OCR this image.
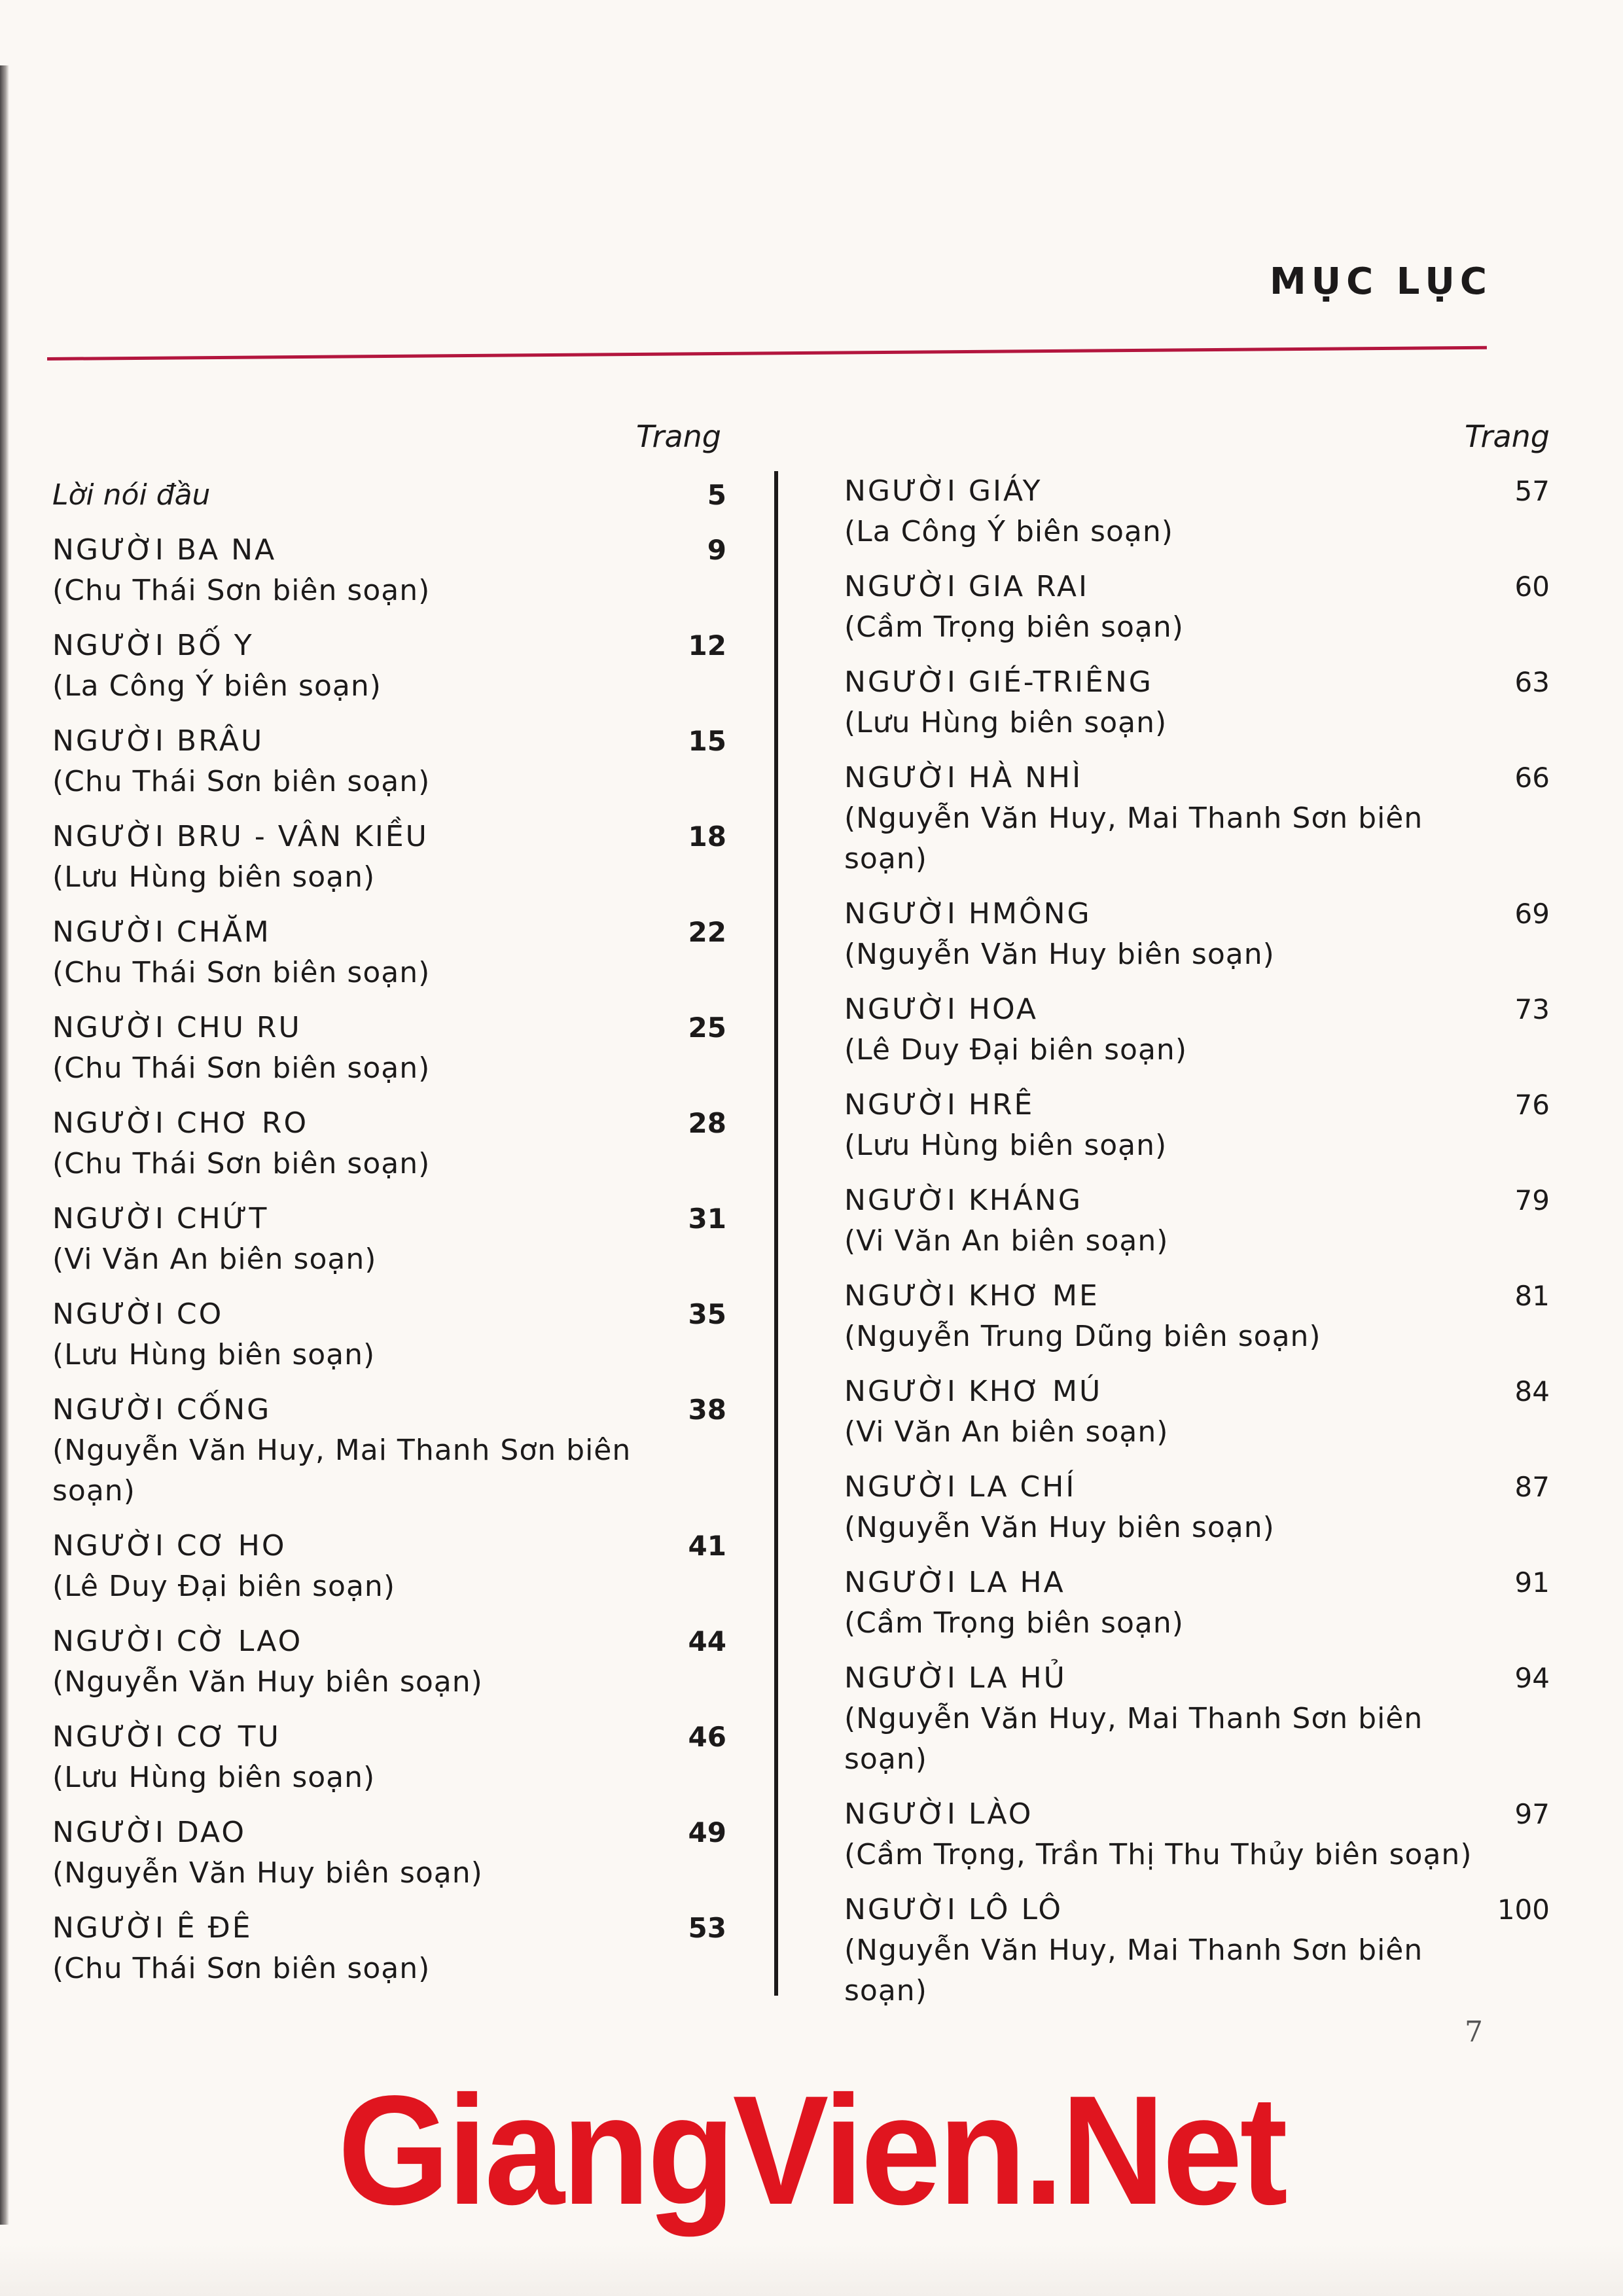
MỤC LỤC
Trang
Lời nói đầu	5
NGƯỜI BA NA
(Chu Thái Sơn biên soạn)
9
NGƯỜI BỐ Y
(La Công Ý biên soạn)
12
NGƯỜI BRÂU
(Chu Thái Sơn biên soạn)
15
NGƯỜI BRU - VÂN KIỀU
(Lưu Hùng biên soạn)
18
NGƯỜI CHĂM
(Chu Thái Sơn biên soạn)
22
NGƯỜI CHU RU
(Chu Thái Sơn biên soạn)
25
NGƯỜI CHƠ RO
(Chu Thái Sơn biên soạn)
28
NGƯỜI CHỨT
(Vi Văn An biên soạn)
31
NGƯỜI CO
(Lưu Hùng biên soạn)
35
NGƯỜI CỐNG
(Nguyễn Văn Huy, Mai Thanh Sơn biên soạn)
38
NGƯỜI CƠ HO
(Lê Duy Đại biên soạn)
41
NGƯỜI CỜ LAO
(Nguyễn Văn Huy biên soạn)
44
NGƯỜI CƠ TU
(Lưu Hùng biên soạn)
46
NGƯỜI DAO
(Nguyễn Văn Huy biên soạn)
49
NGƯỜI Ê ĐÊ
(Chu Thái Sơn biên soạn)
53
Trang
NGƯỜI GIÁY
(La Công Ý biên soạn)
57
NGƯỜI GIA RAI
(Cầm Trọng biên soạn)
60
NGƯỜI GIÉ-TRIÊNG
(Lưu Hùng biên soạn)
63
NGƯỜI HÀ NHÌ
(Nguyễn Văn Huy, Mai Thanh Sơn biên soạn)
66
NGƯỜI HMÔNG
(Nguyễn Văn Huy biên soạn)
69
NGƯỜI HOA
(Lê Duy Đại biên soạn)
73
NGƯỜI HRÊ
(Lưu Hùng biên soạn)
76
NGƯỜI KHÁNG
(Vi Văn An biên soạn)
79
NGƯỜI KHƠ ME
(Nguyễn Trung Dũng biên soạn)
81
NGƯỜI KHƠ MÚ
(Vi Văn An biên soạn)
84
NGƯỜI LA CHÍ
(Nguyễn Văn Huy biên soạn)
87
NGƯỜI LA HA
(Cầm Trọng biên soạn)
91
NGƯỜI LA HỦ
(Nguyễn Văn Huy, Mai Thanh Sơn biên soạn)
94
NGƯỜI LÀO
(Cầm Trọng, Trần Thị Thu Thủy biên soạn)
97
NGƯỜI LÔ LÔ
(Nguyễn Văn Huy, Mai Thanh Sơn biên soạn)
100
7
GiangVien.Net
